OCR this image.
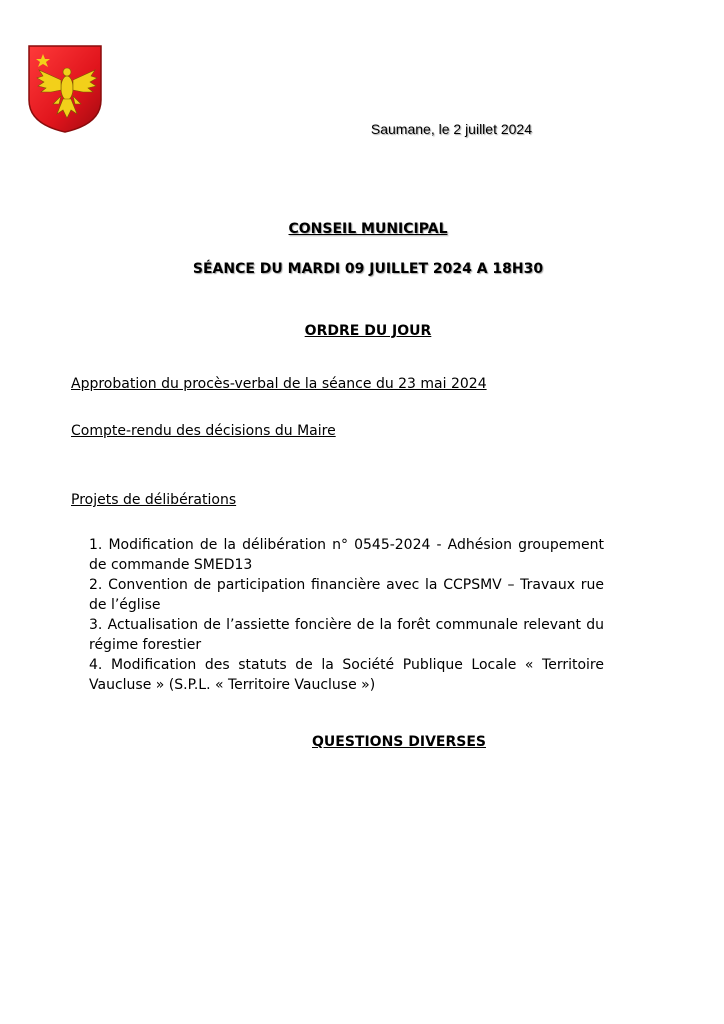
Saumane, le 2 juillet 2024
CONSEIL MUNICIPAL
SÉANCE DU MARDI 09 JUILLET 2024 A 18H30
ORDRE DU JOUR
Approbation du procès-verbal de la séance du 23 mai 2024
Compte-rendu des décisions du Maire
Projets de délibérations
1. Modification de la délibération n° 0545-2024 - Adhésion groupement de commande SMED13
2. Convention de participation financière avec la CCPSMV – Travaux rue de l’église
3. Actualisation de l’assiette foncière de la forêt communale relevant du régime forestier
4. Modification des statuts de la Société Publique Locale « Territoire Vaucluse » (S.P.L. « Territoire Vaucluse »)
QUESTIONS DIVERSES
